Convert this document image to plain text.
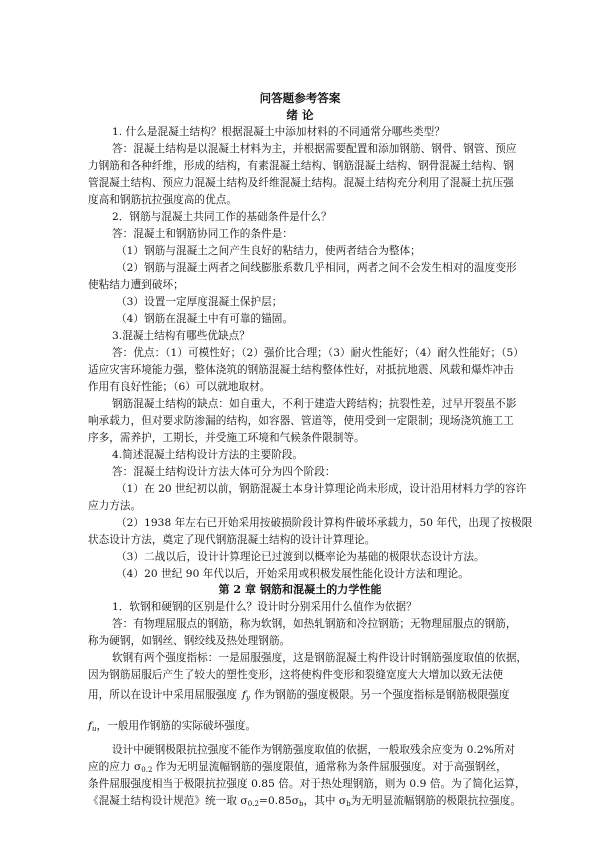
问答题参考答案
绪 论
1. 什么是混凝土结构？根据混凝土中添加材料的不同通常分哪些类型？
答：混凝土结构是以混凝土材料为主，并根据需要配置和添加钢筋、钢骨、钢管、预应
力钢筋和各种纤维，形成的结构，有素混凝土结构、钢筋混凝土结构、钢骨混凝土结构、钢
管混凝土结构、预应力混凝土结构及纤维混凝土结构。混凝土结构充分利用了混凝土抗压强
度高和钢筋抗拉强度高的优点。
2．钢筋与混凝土共同工作的基础条件是什么？
答：混凝土和钢筋协同工作的条件是：
（1）钢筋与混凝土之间产生良好的粘结力，使两者结合为整体；
（2）钢筋与混凝土两者之间线膨胀系数几乎相同，两者之间不会发生相对的温度变形
使粘结力遭到破坏；
（3）设置一定厚度混凝土保护层；
（4）钢筋在混凝土中有可靠的锚固。
3.混凝土结构有哪些优缺点？
答：优点：（1）可模性好；（2）强价比合理；（3）耐火性能好；（4）耐久性能好；（5）
适应灾害环境能力强，整体浇筑的钢筋混凝土结构整体性好，对抵抗地震、风载和爆炸冲击
作用有良好性能；（6）可以就地取材。
钢筋混凝土结构的缺点：如自重大，不利于建造大跨结构；抗裂性差，过早开裂虽不影
响承载力，但对要求防渗漏的结构，如容器、管道等，使用受到一定限制；现场浇筑施工工
序多，需养护，工期长，并受施工环境和气候条件限制等。
4.简述混凝土结构设计方法的主要阶段。
答：混凝土结构设计方法大体可分为四个阶段：
（1）在 20 世纪初以前，钢筋混凝土本身计算理论尚未形成，设计沿用材料力学的容许
应力方法。
（2）1938 年左右已开始采用按破损阶段计算构件破坏承载力，50 年代，出现了按极限
状态设计方法，奠定了现代钢筋混凝土结构的设计计算理论。
（3）二战以后，设计计算理论已过渡到以概率论为基础的极限状态设计方法。
（4）20 世纪 90 年代以后，开始采用或积极发展性能化设计方法和理论。
第 2 章 钢筋和混凝土的力学性能
1．软钢和硬钢的区别是什么？设计时分别采用什么值作为依据？
答：有物理屈服点的钢筋，称为软钢，如热轧钢筋和冷拉钢筋；无物理屈服点的钢筋，
称为硬钢，如钢丝、钢绞线及热处理钢筋。
软钢有两个强度指标：一是屈服强度，这是钢筋混凝土构件设计时钢筋强度取值的依据，
因为钢筋屈服后产生了较大的塑性变形，这将使构件变形和裂缝宽度大大增加以致无法使
用，所以在设计中采用屈服强度 $f_y$ 作为钢筋的强度极限。另一个强度指标是钢筋极限强度
$f_u$，一般用作钢筋的实际破坏强度。
设计中硬钢极限抗拉强度不能作为钢筋强度取值的依据，一般取残余应变为 0.2%所对
应的应力 $\sigma_{0.2}$ 作为无明显流幅钢筋的强度限值，通常称为条件屈服强度。对于高强钢丝，
条件屈服强度相当于极限抗拉强度 0.85 倍。对于热处理钢筋，则为 0.9 倍。为了简化运算，
《混凝土结构设计规范》统一取 $\sigma_{0.2}=0.85\sigma_b$，其中 $\sigma_b$为无明显流幅钢筋的极限抗拉强度。
